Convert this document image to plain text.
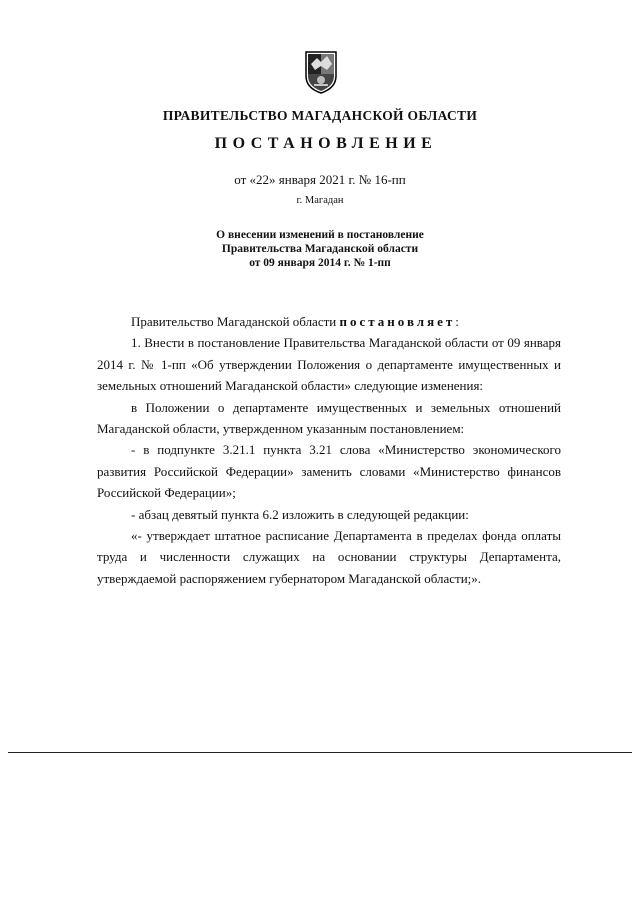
ПРАВИТЕЛЬСТВО МАГАДАНСКОЙ ОБЛАСТИ
ПОСТАНОВЛЕНИЕ
от «22» января 2021 г. № 16-пп
г. Магадан
О внесении изменений в постановление
Правительства Магаданской области
от 09 января 2014 г. № 1-пп

Правительство Магаданской области постановляет:

1. Внести в постановление Правительства Магаданской области от 09 января 2014 г. № 1-пп «Об утверждении Положения о департаменте имущественных и земельных отношений Магаданской области» следующие изменения:

в Положении о департаменте имущественных и земельных отношений Магаданской области, утвержденном указанным постановлением:

- в подпункте 3.21.1 пункта 3.21 слова «Министерство экономического развития Российской Федерации» заменить словами «Министерство финансов Российской Федерации»;

- абзац девятый пункта 6.2 изложить в следующей редакции:

«- утверждает штатное расписание Департамента в пределах фонда оплаты труда и численности служащих на основании структуры Департамента, утверждаемой распоряжением губернатором Магаданской области;».
